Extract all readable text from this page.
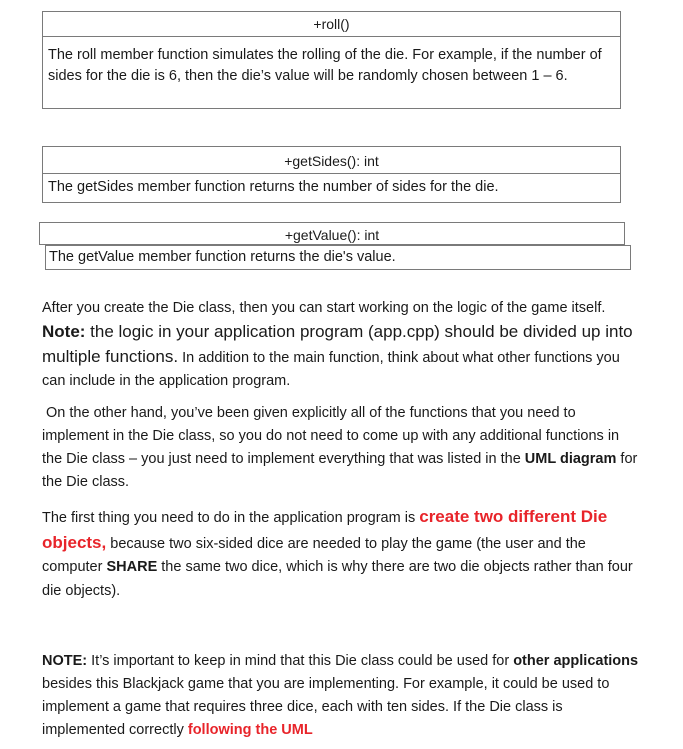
+roll()
The roll member function simulates the rolling of the die. For example, if the number of sides for the die is 6, then the die’s value will be randomly chosen between 1 – 6.
+getSides(): int
The getSides member function returns the number of sides for the die.
+getValue(): int
The getValue member function returns the die's value.

After you create the Die class, then you can start working on the logic of the game itself. Note: the logic in your application program (app.cpp) should be divided up into multiple functions. In addition to the main function, think about what other functions you can include in the application program.

On the other hand, you’ve been given explicitly all of the functions that you need to implement in the Die class, so you do not need to come up with any additional functions in the Die class – you just need to implement everything that was listed in the UML diagram for the Die class.

The first thing you need to do in the application program is create two different Die objects, because two six-sided dice are needed to play the game (the user and the computer SHARE the same two dice, which is why there are two die objects rather than four die objects).

NOTE: It’s important to keep in mind that this Die class could be used for other applications besides this Blackjack game that you are implementing. For example, it could be used to implement a game that requires three dice, each with ten sides. If the Die class is implemented correctly following the UML
